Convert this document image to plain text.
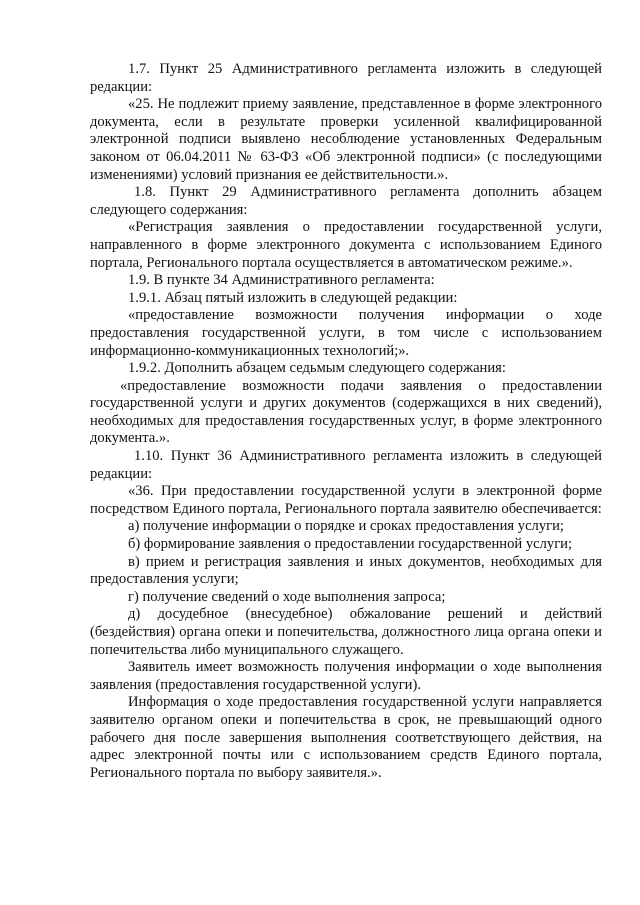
1.7. Пункт 25 Административного регламента изложить в следующей редакции:

«25. Не подлежит приему заявление, представленное в форме электронного документа, если в результате проверки усиленной квалифицированной электронной подписи выявлено несоблюдение установленных Федеральным законом от 06.04.2011 № 63-ФЗ «Об электронной подписи» (с последующими изменениями) условий признания ее действительности.».

1.8. Пункт 29 Административного регламента дополнить абзацем следующего содержания:

«Регистрация заявления о предоставлении государственной услуги, направленного в форме электронного документа с использованием Единого портала, Регионального портала осуществляется в автоматическом режиме.».

1.9. В пункте 34 Административного регламента:

1.9.1. Абзац пятый изложить в следующей редакции:

«предоставление возможности получения информации о ходе предоставления государственной услуги, в том числе с использованием информационно-коммуникационных технологий;».

1.9.2. Дополнить абзацем седьмым следующего содержания:

«предоставление возможности подачи заявления о предоставлении государственной услуги и других документов (содержащихся в них сведений), необходимых для предоставления государственных услуг, в форме электронного документа.».

1.10. Пункт 36 Административного регламента изложить в следующей редакции:

«36. При предоставлении государственной услуги в электронной форме посредством Единого портала, Регионального портала заявителю обеспечивается:

а) получение информации о порядке и сроках предоставления услуги;

б) формирование заявления о предоставлении государственной услуги;

в) прием и регистрация заявления и иных документов, необходимых для предоставления услуги;

г) получение сведений о ходе выполнения запроса;

д) досудебное (внесудебное) обжалование решений и действий (бездействия) органа опеки и попечительства, должностного лица органа опеки и попечительства либо муниципального служащего.

Заявитель имеет возможность получения информации о ходе выполнения заявления (предоставления государственной услуги).

Информация о ходе предоставления государственной услуги направляется заявителю органом опеки и попечительства в срок, не превышающий одного рабочего дня после завершения выполнения соответствующего действия, на адрес электронной почты или с использованием средств Единого портала, Регионального портала по выбору заявителя.».
